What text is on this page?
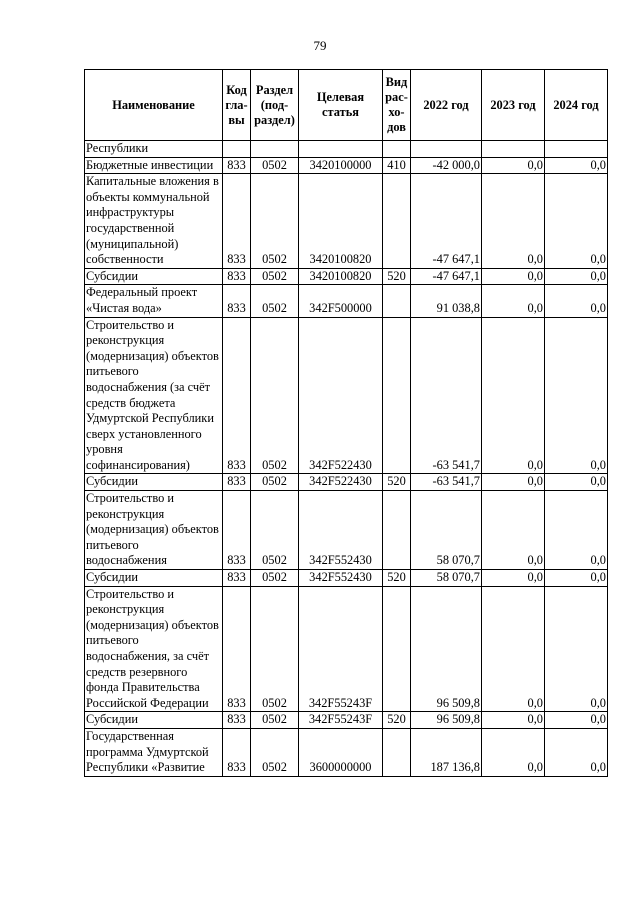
79
Наименование	Код гла-вы	Раздел (под-раздел)	Целевая статья	Вид рас-хо-дов	2022 год	2023 год	2024 год
Республики							
Бюджетные инвестиции	833	0502	3420100000	410	-42 000,0	0,0	0,0
Капитальные вложения в объекты коммунальной инфраструктуры государственной (муниципальной) собственности	833	0502	3420100820		-47 647,1	0,0	0,0
Субсидии	833	0502	3420100820	520	-47 647,1	0,0	0,0
Федеральный проект «Чистая вода»	833	0502	342F500000		91 038,8	0,0	0,0
Строительство и реконструкция (модернизация) объектов питьевого водоснабжения (за счёт средств бюджета Удмуртской Республики сверх установленного уровня софинансирования)	833	0502	342F522430		-63 541,7	0,0	0,0
Субсидии	833	0502	342F522430	520	-63 541,7	0,0	0,0
Строительство и реконструкция (модернизация) объектов питьевого водоснабжения	833	0502	342F552430		58 070,7	0,0	0,0
Субсидии	833	0502	342F552430	520	58 070,7	0,0	0,0
Строительство и реконструкция (модернизация) объектов питьевого водоснабжения, за счёт средств резервного фонда Правительства Российской Федерации	833	0502	342F55243F		96 509,8	0,0	0,0
Субсидии	833	0502	342F55243F	520	96 509,8	0,0	0,0
Государственная программа Удмуртской Республики «Развитие	833	0502	3600000000		187 136,8	0,0	0,0
